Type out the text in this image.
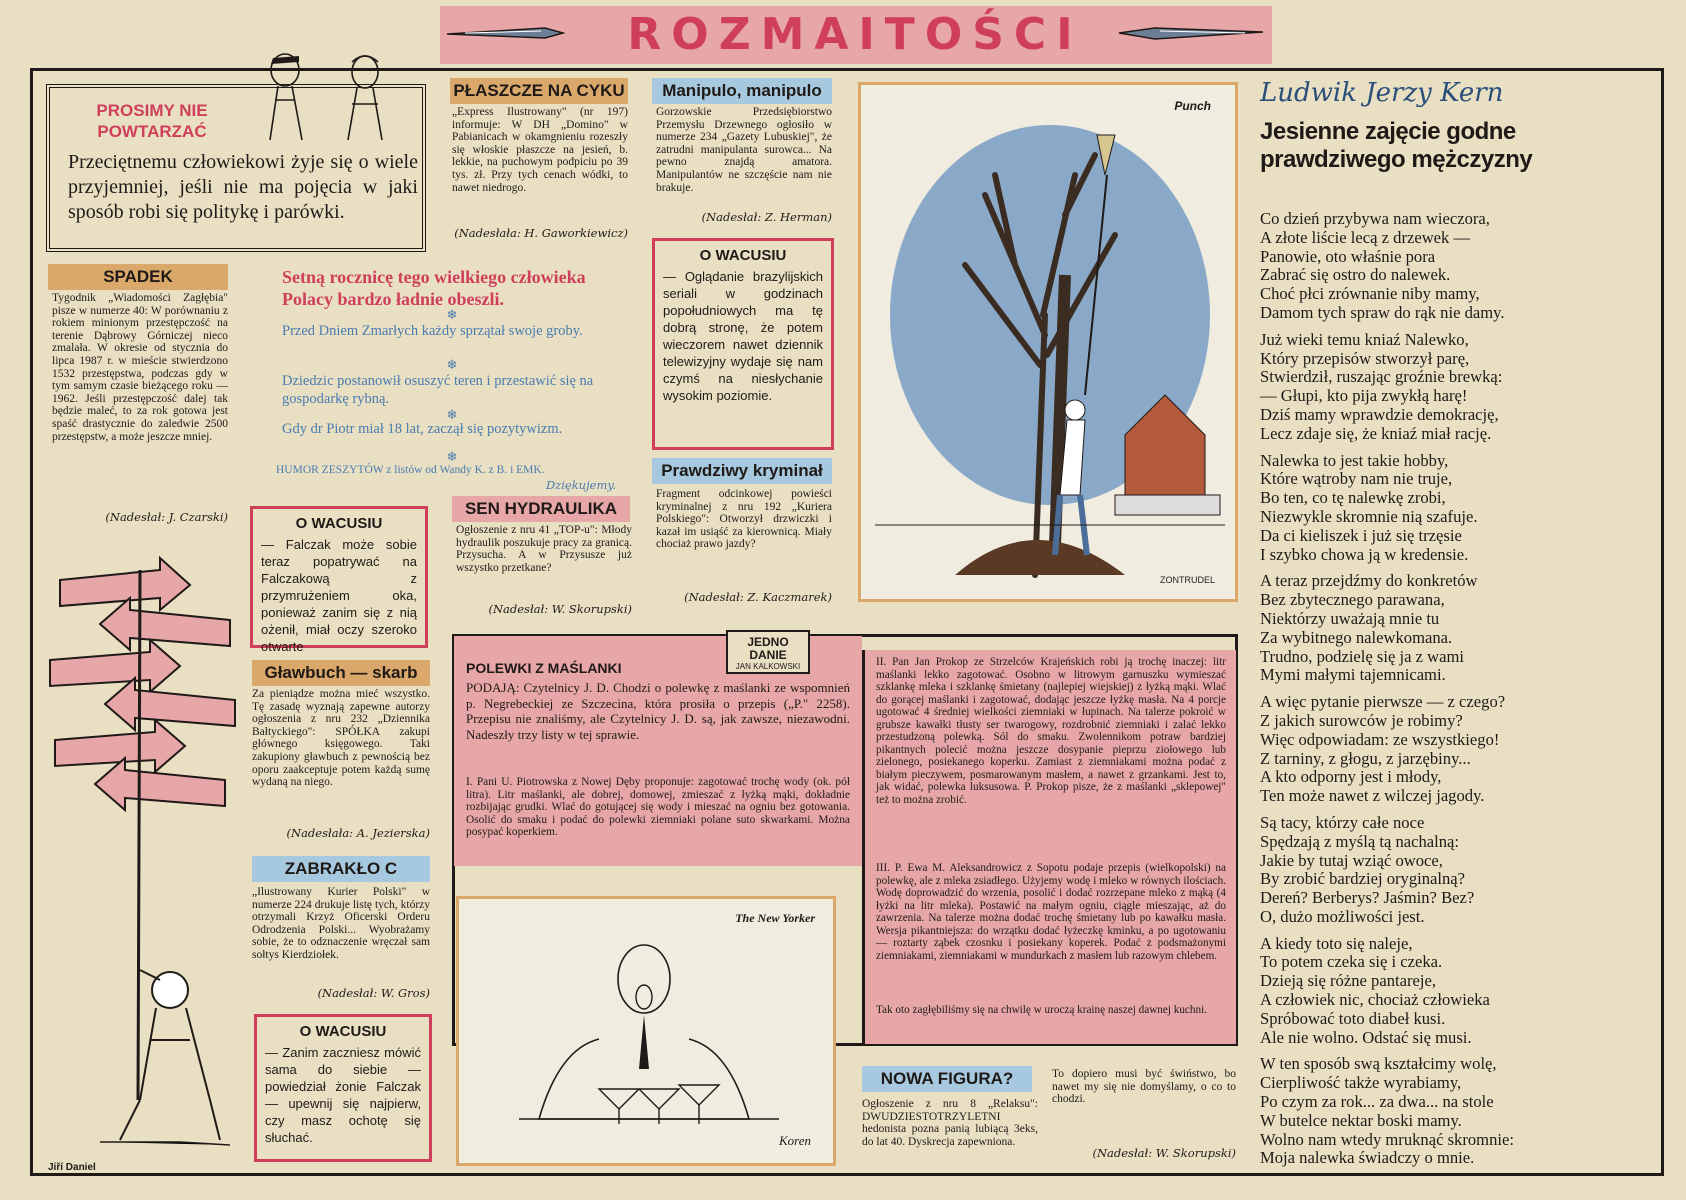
ROZMAITOŚCI
PROSIMY NIE POWTARZAĆ
Przeciętnemu człowiekowi żyje się o wiele przyjemniej, jeśli nie ma pojęcia w jaki sposób robi się politykę i parówki.
SPADEK
Tygodnik „Wiadomości Zagłębia" pisze w numerze 40: W porównaniu z rokiem minionym przestępczość na terenie Dąbrowy Górniczej nieco zmalała. W okresie od stycznia do lipca 1987 r. w mieście stwierdzono 1532 przestępstwa, podczas gdy w tym samym czasie bieżącego roku — 1962. Jeśli przestępczość dalej tak będzie maleć, to za rok gotowa jest spaść drastycznie do zaledwie 2500 przestępstw, a może jeszcze mniej.
(Nadesłał: J. Czarski)
Jiří Daniel
Setną rocznicę tego wielkiego człowieka Polacy bardzo ładnie obeszli.
❄
Przed Dniem Zmarłych każdy sprzątał swoje groby.
❄
Dziedzic postanowił osuszyć teren i przestawić się na gospodarkę rybną.
❄
Gdy dr Piotr miał 18 lat, zaczął się pozytywizm.
❄
HUMOR ZESZYTÓW z listów od Wandy K. z B. i EMK.
Dziękujemy.
O WACUSIU
— Falczak może sobie teraz popatrywać na Falczakową z przymrużeniem oka, ponieważ zanim się z nią ożenił, miał oczy szeroko otwarte
Gławbuch — skarb
Za pieniądze można mieć wszystko. Tę zasadę wyznają zapewne autorzy ogłoszenia z nru 232 „Dziennika Bałtyckiego": SPÓŁKA zakupi głównego księgowego. Taki zakupiony gławbuch z pewnością bez oporu zaakceptuje potem każdą sumę wydaną na niego.
(Nadesłała: A. Jezierska)
ZABRAKŁO C
„Ilustrowany Kurier Polski" w numerze 224 drukuje listę tych, którzy otrzymali Krzyż Oficerski Orderu Odrodzenia Polski... Wyobrażamy sobie, że to odznaczenie wręczał sam sołtys Kierdziołek.
(Nadesłał: W. Gros)
O WACUSIU
— Zanim zaczniesz mówić sama do siebie — powiedział żonie Falczak — upewnij się najpierw, czy masz ochotę się słuchać.
PŁASZCZE NA CYKU
„Express Ilustrowany" (nr 197) informuje: W DH „Domino" w Pabianicach w okamgnieniu rozeszły się włoskie płaszcze na jesień, b. lekkie, na puchowym podpiciu po 39 tys. zł. Przy tych cenach wódki, to nawet niedrogo.
(Nadesłała: H. Gaworkiewicz)
Manipulo, manipulo
Gorzowskie Przedsiębiorstwo Przemysłu Drzewnego ogłosiło w numerze 234 „Gazety Lubuskiej", że zatrudni manipulanta surowca... Na pewno znajdą amatora. Manipulantów ne szczęście nam nie brakuje.
(Nadesłał: Z. Herman)
O WACUSIU
— Oglądanie brazylijskich seriali w godzinach popołudniowych ma tę dobrą stronę, że potem wieczorem nawet dziennik telewizyjny wydaje się nam czymś na niesłychanie wysokim poziomie.
Prawdziwy kryminał
Fragment odcinkowej powieści kryminalnej z nru 192 „Kuriera Polskiego": Otworzył drzwiczki i kazał im usiąść za kierownicą. Miały chociaż prawo jazdy?
(Nadesłał: Z. Kaczmarek)
SEN HYDRAULIKA
Ogłoszenie z nru 41 „TOP-u": Młody hydraulik poszukuje pracy za granicą. Przysucha. A w Przysusze już wszystko przetkane?
(Nadesłał: W. Skorupski)
JEDNO DANIE
JAN KALKOWSKI
POLEWKI Z MAŚLANKI
PODAJĄ: Czytelnicy J. D. Chodzi o polewkę z maślanki ze wspomnień p. Negrebeckiej ze Szczecina, która prosiła o przepis („P." 2258). Przepisu nie znaliśmy, ale Czytelnicy J. D. są, jak zawsze, niezawodni. Nadeszły trzy listy w tej sprawie.
I. Pani U. Piotrowska z Nowej Dęby proponuje: zagotować trochę wody (ok. pół litra). Litr maślanki, ale dobrej, domowej, zmieszać z łyżką mąki, dokładnie rozbijając grudki. Wlać do gotującej się wody i mieszać na ogniu bez gotowania. Osolić do smaku i podać do polewki ziemniaki polane suto skwarkami. Można posypać koperkiem.
II. Pan Jan Prokop ze Strzelców Krajeńskich robi ją trochę inaczej: litr maślanki lekko zagotować. Osobno w litrowym garnuszku wymieszać szklankę mleka i szklankę śmietany (najlepiej wiejskiej) z łyżką mąki. Wlać do gorącej maślanki i zagotować, dodając jeszcze łyżkę masła. Na 4 porcje ugotować 4 średniej wielkości ziemniaki w łupinach. Na talerze pokroić w grubsze kawałki tłusty ser twarogowy, rozdrobnić ziemniaki i zalać lekko przestudzoną polewką. Sól do smaku. Zwolennikom potraw bardziej pikantnych polecić można jeszcze dosypanie pieprzu ziołowego lub zielonego, posiekanego koperku. Zamiast z ziemniakami można podać z białym pieczywem, posmarowanym masłem, a nawet z grzankami. Jest to, jak widać, polewka luksusowa. P. Prokop pisze, że z maślanki „sklepowej" też to można zrobić.
III. P. Ewa M. Aleksandrowicz z Sopotu podaje przepis (wielkopolski) na polewkę, ale z mleka zsiadłego. Użyjemy wodę i mleko w równych ilościach. Wodę doprowadzić do wrzenia, posolić i dodać rozrzepane mleko z mąką (4 łyżki na litr mleka). Postawić na małym ogniu, ciągle mieszając, aż do zawrzenia. Na talerze można dodać trochę śmietany lub po kawałku masła. Wersja pikantniejsza: do wrzątku dodać łyżeczkę kminku, a po ugotowaniu — roztarty ząbek czosnku i posiekany koperek. Podać z podsmażonymi ziemniakami, ziemniakami w mundurkach z masłem lub razowym chlebem.
Tak oto zagłębiliśmy się na chwilę w uroczą krainę naszej dawnej kuchni.
The New Yorker
Koren
NOWA FIGURA?
Ogłoszenie z nru 8 „Relaksu": DWUDZIESTOTRZYLETNI hedonista pozna panią lubiącą 3eks, do lat 40. Dyskrecja zapewniona.
To dopiero musi być świństwo, bo nawet my się nie domyślamy, o co to chodzi.
(Nadesłał: W. Skorupski)
Punch
ZONTRUDEL
Ludwik Jerzy Kern
Jesienne zajęcie godne prawdziwego mężczyzny

Co dzień przybywa nam wieczora,
A złote liście lecą z drzewek —
Panowie, oto właśnie pora
Zabrać się ostro do nalewek.
Choć płci zrównanie niby mamy,
Damom tych spraw do rąk nie damy.

Już wieki temu kniaź Nalewko,
Który przepisów stworzył parę,
Stwierdził, ruszając groźnie brewką:
— Głupi, kto pija zwykłą harę!
Dziś mamy wprawdzie demokrację,
Lecz zdaje się, że kniaź miał rację.

Nalewka to jest takie hobby,
Które wątroby nam nie truje,
Bo ten, co tę nalewkę zrobi,
Niezwykle skromnie nią szafuje.
Da ci kieliszek i już się trzęsie
I szybko chowa ją w kredensie.

A teraz przejdźmy do konkretów
Bez zbytecznego parawana,
Niektórzy uważają mnie tu
Za wybitnego nalewkomana.
Trudno, podzielę się ja z wami
Mymi małymi tajemnicami.

A więc pytanie pierwsze — z czego?
Z jakich surowców je robimy?
Więc odpowiadam: ze wszystkiego!
Z tarniny, z głogu, z jarzębiny...
A kto odporny jest i młody,
Ten może nawet z wilczej jagody.

Są tacy, którzy całe noce
Spędzają z myślą tą nachalną:
Jakie by tutaj wziąć owoce,
By zrobić bardziej oryginalną?
Dereń? Berberys? Jaśmin? Bez?
O, dużo możliwości jest.

A kiedy toto się naleje,
To potem czeka się i czeka.
Dzieją się różne pantareje,
A człowiek nic, chociaż człowieka
Spróbować toto diabeł kusi.
Ale nie wolno. Odstać się musi.

W ten sposób swą kształcimy wolę,
Cierpliwość także wyrabiamy,
Po czym za rok... za dwa... na stole
W butelce nektar boski mamy.
Wolno nam wtedy mruknąć skromnie:
Moja nalewka świadczy o mnie.
